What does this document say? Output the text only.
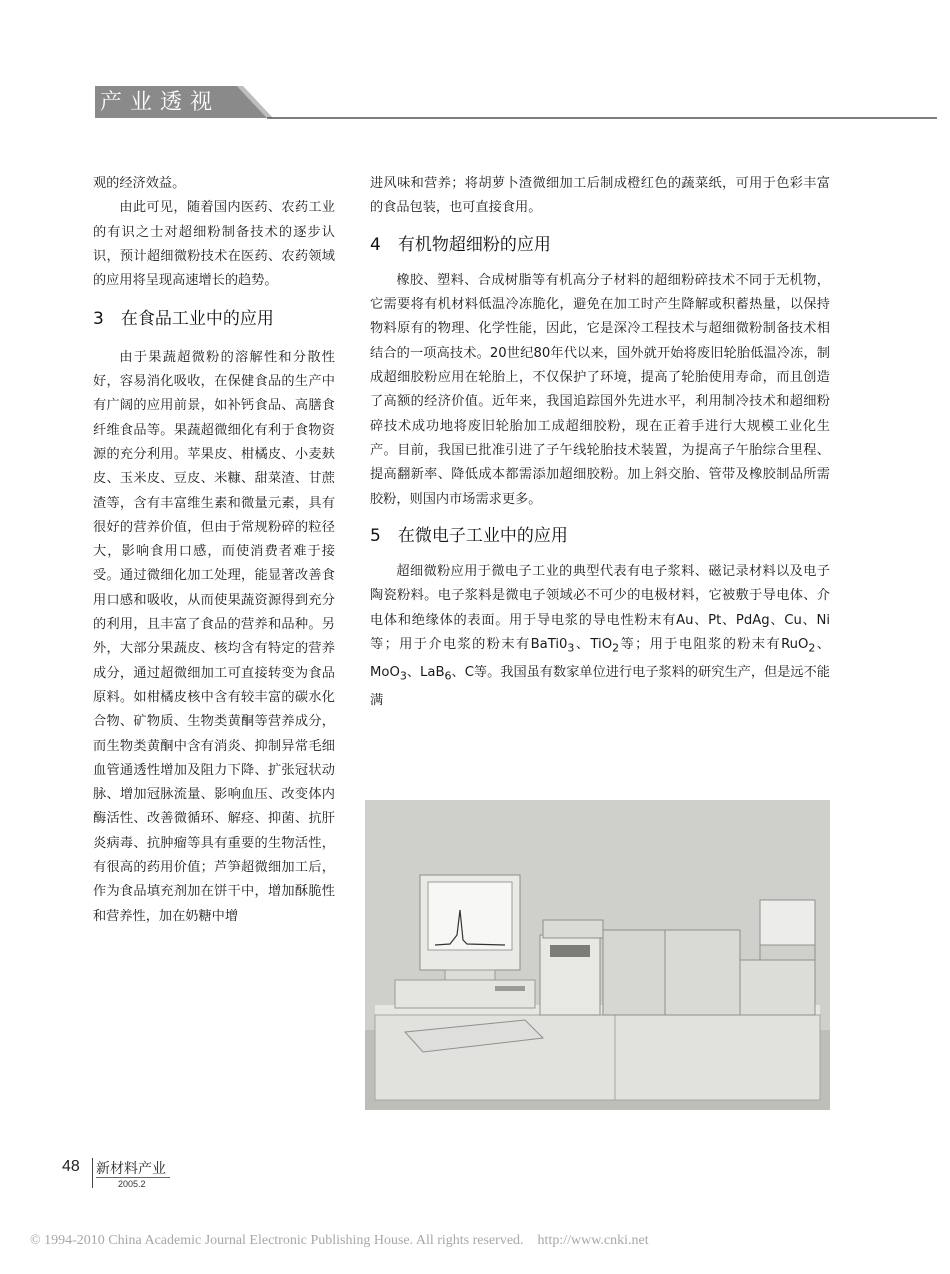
产业透视

观的经济效益。

由此可见，随着国内医药、农药工业的有识之士对超细粉制备技术的逐步认识，预计超细微粉技术在医药、农药领域的应用将呈现高速增长的趋势。

3　在食品工业中的应用

由于果蔬超微粉的溶解性和分散性好，容易消化吸收，在保健食品的生产中有广阔的应用前景，如补钙食品、高膳食纤维食品等。果蔬超微细化有利于食物资源的充分利用。苹果皮、柑橘皮、小麦麸皮、玉米皮、豆皮、米糠、甜菜渣、甘蔗渣等，含有丰富维生素和微量元素，具有很好的营养价值，但由于常规粉碎的粒径大，影响食用口感，而使消费者难于接受。通过微细化加工处理，能显著改善食用口感和吸收，从而使果蔬资源得到充分的利用，且丰富了食品的营养和品种。另外，大部分果蔬皮、核均含有特定的营养成分，通过超微细加工可直接转变为食品原料。如柑橘皮核中含有较丰富的碳水化合物、矿物质、生物类黄酮等营养成分，而生物类黄酮中含有消炎、抑制异常毛细血管通透性增加及阻力下降、扩张冠状动脉、增加冠脉流量、影响血压、改变体内酶活性、改善微循环、解痉、抑菌、抗肝炎病毒、抗肿瘤等具有重要的生物活性，有很高的药用价值；芦笋超微细加工后，作为食品填充剂加在饼干中，增加酥脆性和营养性，加在奶糖中增

进风味和营养；将胡萝卜渣微细加工后制成橙红色的蔬菜纸，可用于色彩丰富的食品包装，也可直接食用。

4　有机物超细粉的应用

橡胶、塑料、合成树脂等有机高分子材料的超细粉碎技术不同于无机物，它需要将有机材料低温冷冻脆化，避免在加工时产生降解或积蓄热量，以保持物料原有的物理、化学性能，因此，它是深冷工程技术与超细微粉制备技术相结合的一项高技术。20世纪80年代以来，国外就开始将废旧轮胎低温冷冻，制成超细胶粉应用在轮胎上，不仅保护了环境，提高了轮胎使用寿命，而且创造了高额的经济价值。近年来，我国追踪国外先进水平，利用制冷技术和超细粉碎技术成功地将废旧轮胎加工成超细胶粉，现在正着手进行大规模工业化生产。目前，我国已批准引进了子午线轮胎技术装置，为提高子午胎综合里程、提高翻新率、降低成本都需添加超细胶粉。加上斜交胎、管带及橡胶制品所需胶粉，则国内市场需求更多。

5　在微电子工业中的应用

超细微粉应用于微电子工业的典型代表有电子浆料、磁记录材料以及电子陶瓷粉料。电子浆料是微电子领域必不可少的电极材料，它被敷于导电体、介电体和绝缘体的表面。用于导电浆的导电性粉末有Au、Pt、PdAg、Cu、Ni等；用于介电浆的粉末有$BaTi0_3$、TiO$_2$等；用于电阻浆的粉末有RuO$_2$、MoO$_3$、LaB$_6$、C等。我国虽有数家单位进行电子浆料的研究生产，但是远不能满

48 新材料产业
2005.2
© 1994-2010 China Academic Journal Electronic Publishing House. All rights reserved.　http://www.cnki.net
